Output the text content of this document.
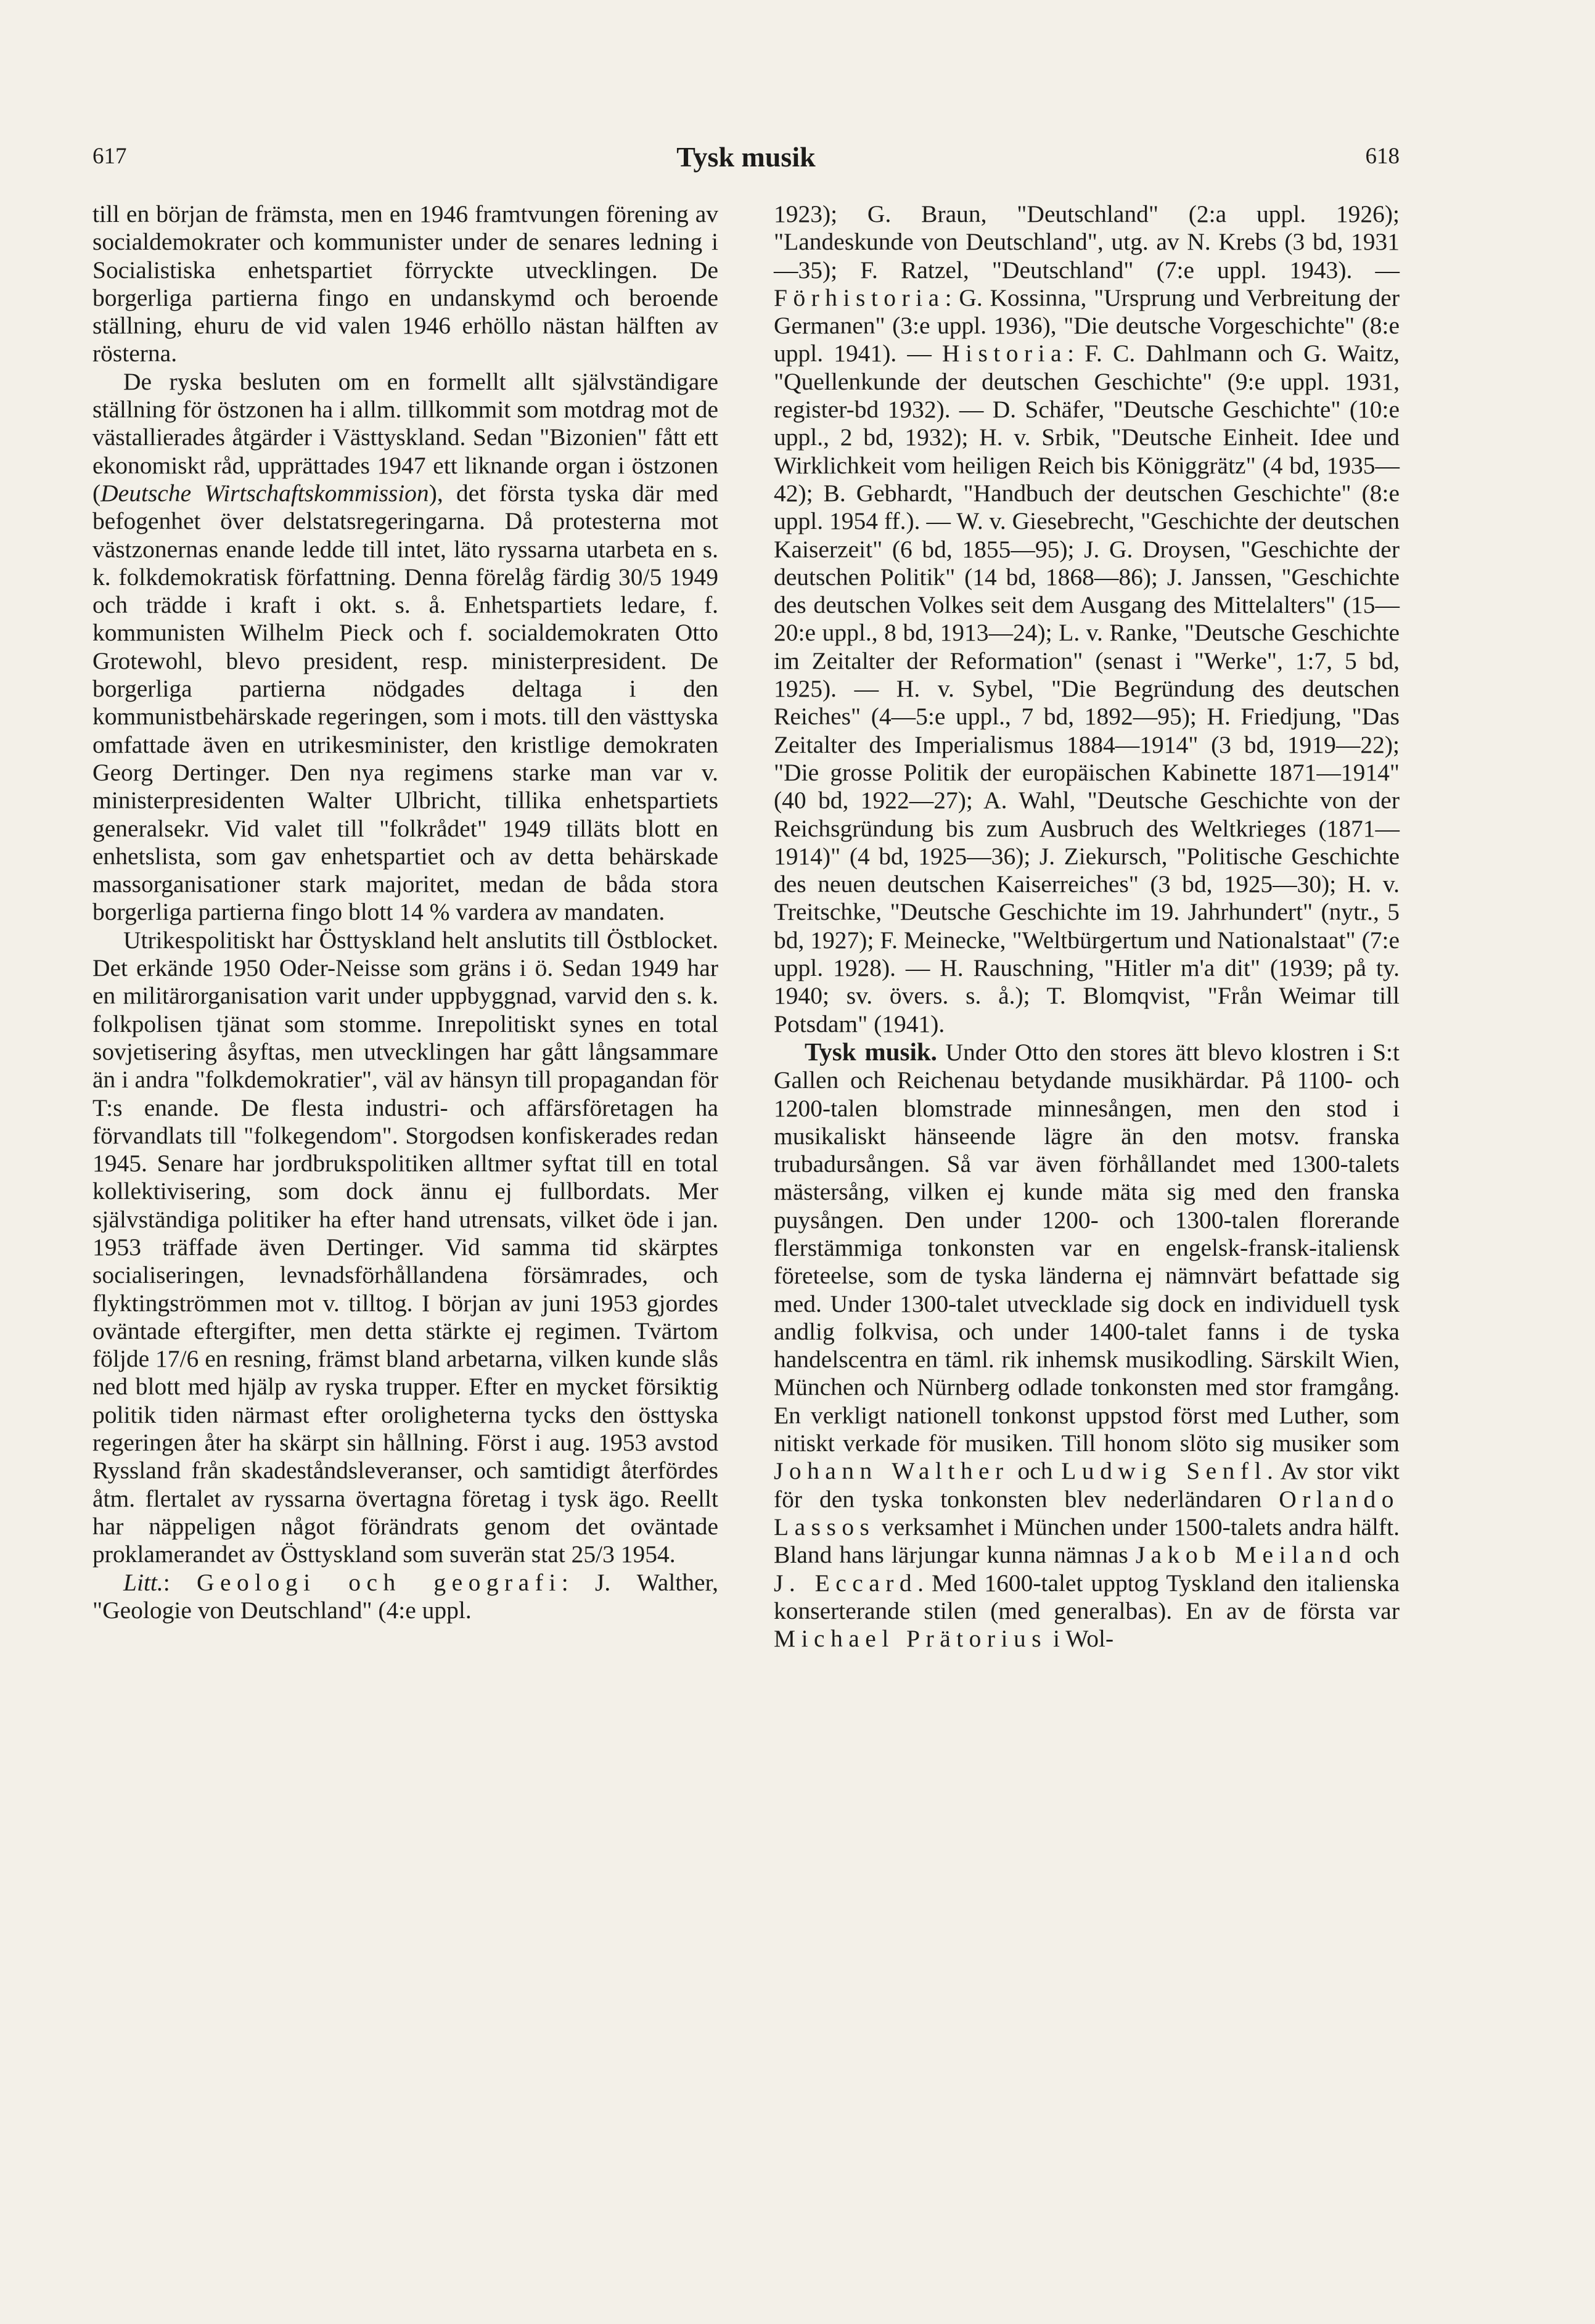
617	Tysk musik	618

till en början de främsta, men en 1946 framtvungen förening av socialdemokrater och kommunister under de senares ledning i Socialistiska enhetspartiet förryckte utvecklingen. De borgerliga partierna fingo en undanskymd och beroende ställning, ehuru de vid valen 1946 erhöllo nästan hälften av rösterna.

De ryska besluten om en formellt allt självständigare ställning för östzonen ha i allm. tillkommit som motdrag mot de västallierades åtgärder i Västtyskland. Sedan "Bizonien" fått ett ekonomiskt råd, upprättades 1947 ett liknande organ i östzonen (Deutsche Wirtschaftskommission), det första tyska där med befogenhet över delstatsregeringarna. Då protesterna mot västzonernas enande ledde till intet, läto ryssarna utarbeta en s. k. folkdemokratisk författning. Denna förelåg färdig 30/5 1949 och trädde i kraft i okt. s. å. Enhetspartiets ledare, f. kommunisten Wilhelm Pieck och f. socialdemokraten Otto Grotewohl, blevo president, resp. ministerpresident. De borgerliga partierna nödgades deltaga i den kommunistbehärskade regeringen, som i mots. till den västtyska omfattade även en utrikesminister, den kristlige demokraten Georg Dertinger. Den nya regimens starke man var v. ministerpresidenten Walter Ulbricht, tillika enhetspartiets generalsekr. Vid valet till "folkrådet" 1949 tilläts blott en enhetslista, som gav enhetspartiet och av detta behärskade massorganisationer stark majoritet, medan de båda stora borgerliga partierna fingo blott 14 % vardera av mandaten.

Utrikespolitiskt har Östtyskland helt anslutits till Östblocket. Det erkände 1950 Oder-Neisse som gräns i ö. Sedan 1949 har en militärorganisation varit under uppbyggnad, varvid den s. k. folkpolisen tjänat som stomme. Inrepolitiskt synes en total sovjetisering åsyftas, men utvecklingen har gått långsammare än i andra "folkdemokratier", väl av hänsyn till propagandan för T:s enande. De flesta industri- och affärsföretagen ha förvandlats till "folkegendom". Storgodsen konfiskerades redan 1945. Senare har jordbrukspolitiken alltmer syftat till en total kollektivisering, som dock ännu ej fullbordats. Mer självständiga politiker ha efter hand utrensats, vilket öde i jan. 1953 träffade även Dertinger. Vid samma tid skärptes socialiseringen, levnadsförhållandena försämrades, och flyktingströmmen mot v. tilltog. I början av juni 1953 gjordes oväntade eftergifter, men detta stärkte ej regimen. Tvärtom följde 17/6 en resning, främst bland arbetarna, vilken kunde slås ned blott med hjälp av ryska trupper. Efter en mycket försiktig politik tiden närmast efter oroligheterna tycks den östtyska regeringen åter ha skärpt sin hållning. Först i aug. 1953 avstod Ryssland från skadeståndsleveranser, och samtidigt återfördes åtm. flertalet av ryssarna övertagna företag i tysk ägo. Reellt har näppeligen något förändrats genom det oväntade proklamerandet av Östtyskland som suverän stat 25/3 1954.

Litt.: Geologi och geografi: J. Walther, "Geologie von Deutschland" (4:e uppl.

1923); G. Braun, "Deutschland" (2:a uppl. 1926); "Landeskunde von Deutschland", utg. av N. Krebs (3 bd, 1931—35); F. Ratzel, "Deutschland" (7:e uppl. 1943). — Förhistoria: G. Kossinna, "Ursprung und Verbreitung der Germanen" (3:e uppl. 1936), "Die deutsche Vorgeschichte" (8:e uppl. 1941). — Historia: F. C. Dahlmann och G. Waitz, "Quellenkunde der deutschen Geschichte" (9:e uppl. 1931, register-bd 1932). — D. Schäfer, "Deutsche Geschichte" (10:e uppl., 2 bd, 1932); H. v. Srbik, "Deutsche Einheit. Idee und Wirklichkeit vom heiligen Reich bis Königgrätz" (4 bd, 1935—42); B. Gebhardt, "Handbuch der deutschen Geschichte" (8:e uppl. 1954 ff.). — W. v. Giesebrecht, "Geschichte der deutschen Kaiserzeit" (6 bd, 1855—95); J. G. Droysen, "Geschichte der deutschen Politik" (14 bd, 1868—86); J. Janssen, "Geschichte des deutschen Volkes seit dem Ausgang des Mittelalters" (15—20:e uppl., 8 bd, 1913—24); L. v. Ranke, "Deutsche Geschichte im Zeitalter der Reformation" (senast i "Werke", 1:7, 5 bd, 1925). — H. v. Sybel, "Die Begründung des deutschen Reiches" (4—5:e uppl., 7 bd, 1892—95); H. Friedjung, "Das Zeitalter des Imperialismus 1884—1914" (3 bd, 1919—22); "Die grosse Politik der europäischen Kabinette 1871—1914" (40 bd, 1922—27); A. Wahl, "Deutsche Geschichte von der Reichsgründung bis zum Ausbruch des Weltkrieges (1871—1914)" (4 bd, 1925—36); J. Ziekursch, "Politische Geschichte des neuen deutschen Kaiserreiches" (3 bd, 1925—30); H. v. Treitschke, "Deutsche Geschichte im 19. Jahrhundert" (nytr., 5 bd, 1927); F. Meinecke, "Weltbürgertum und Nationalstaat" (7:e uppl. 1928). — H. Rauschning, "Hitler m'a dit" (1939; på ty. 1940; sv. övers. s. å.); T. Blomqvist, "Från Weimar till Potsdam" (1941).

Tysk musik. Under Otto den stores ätt blevo klostren i S:t Gallen och Reichenau betydande musikhärdar. På 1100- och 1200-talen blomstrade minnesången, men den stod i musikaliskt hänseende lägre än den motsv. franska trubadursången. Så var även förhållandet med 1300-talets mästersång, vilken ej kunde mäta sig med den franska puysången. Den under 1200- och 1300-talen florerande flerstämmiga tonkonsten var en engelsk-fransk-italiensk företeelse, som de tyska länderna ej nämnvärt befattade sig med. Under 1300-talet utvecklade sig dock en individuell tysk andlig folkvisa, och under 1400-talet fanns i de tyska handelscentra en täml. rik inhemsk musikodling. Särskilt Wien, München och Nürnberg odlade tonkonsten med stor framgång. En verkligt nationell tonkonst uppstod först med Luther, som nitiskt verkade för musiken. Till honom slöto sig musiker som Johann Walther och Ludwig Senfl. Av stor vikt för den tyska tonkonsten blev nederländaren Orlando Lassos verksamhet i München under 1500-talets andra hälft. Bland hans lärjungar kunna nämnas Jakob Meiland och J. Eccard. Med 1600-talet upptog Tyskland den italienska konserterande stilen (med generalbas). En av de första var Michael Prätorius i Wol-
